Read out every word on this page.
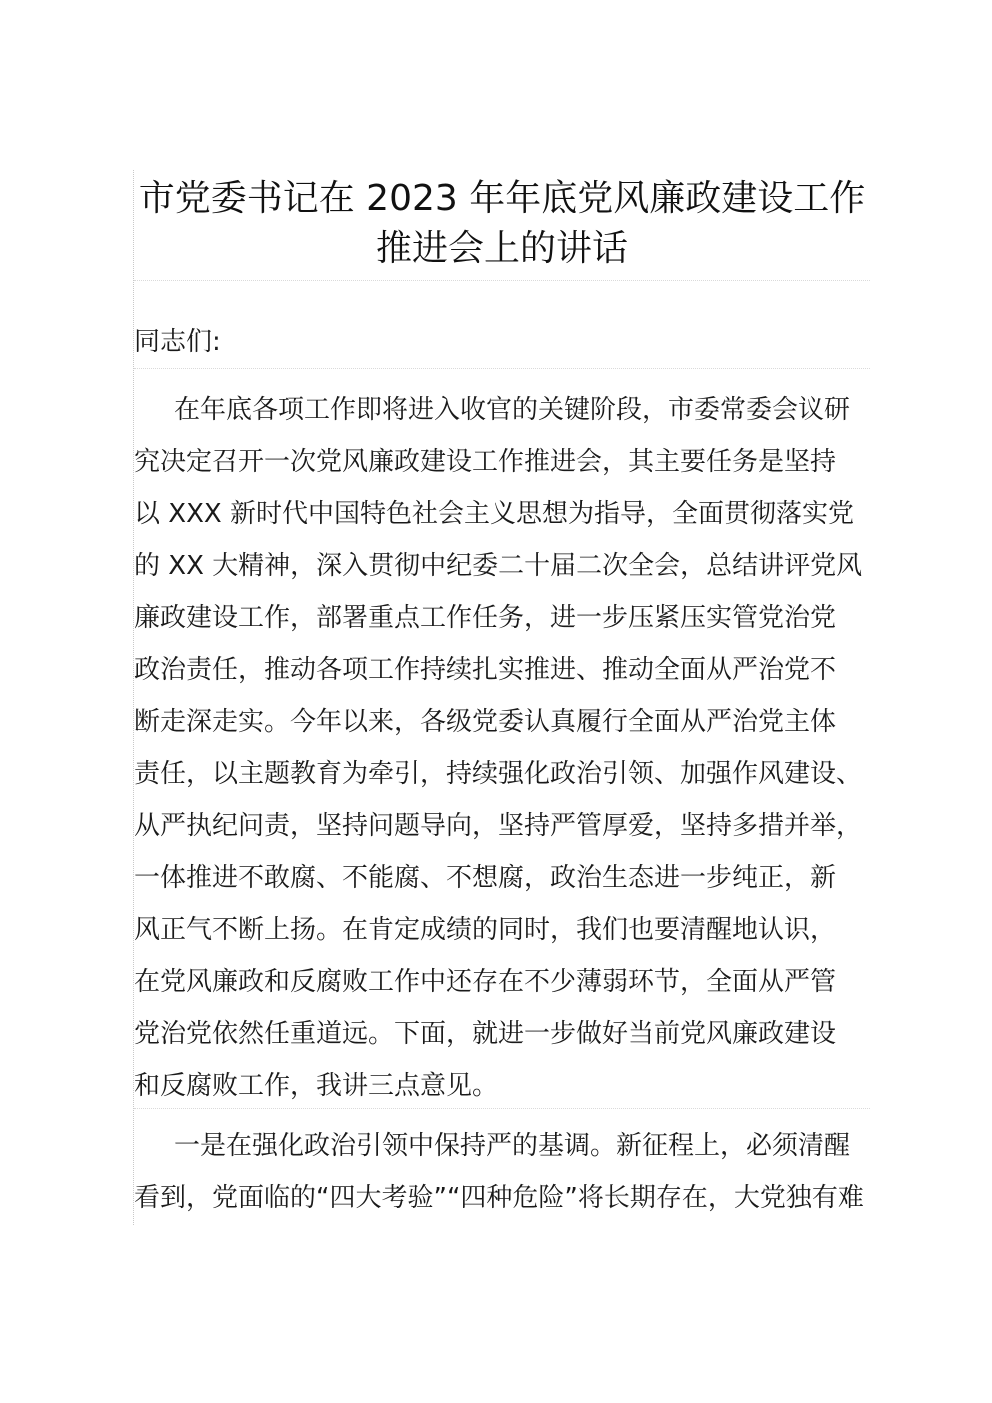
市党委书记在 2023 年年底党风廉政建设工作
推进会上的讲话
同志们:
在年底各项工作即将进入收官的关键阶段，市委常委会议研
究决定召开一次党风廉政建设工作推进会，其主要任务是坚持
以 XXX 新时代中国特色社会主义思想为指导，全面贯彻落实党
的 XX 大精神，深入贯彻中纪委二十届二次全会，总结讲评党风
廉政建设工作，部署重点工作任务，进一步压紧压实管党治党
政治责任，推动各项工作持续扎实推进、推动全面从严治党不
断走深走实。今年以来，各级党委认真履行全面从严治党主体
责任，以主题教育为牵引，持续强化政治引领、加强作风建设、
从严执纪问责，坚持问题导向，坚持严管厚爱，坚持多措并举，
一体推进不敢腐、不能腐、不想腐，政治生态进一步纯正，新
风正气不断上扬。在肯定成绩的同时，我们也要清醒地认识，
在党风廉政和反腐败工作中还存在不少薄弱环节，全面从严管
党治党依然任重道远。下面，就进一步做好当前党风廉政建设
和反腐败工作，我讲三点意见。
一是在强化政治引领中保持严的基调。新征程上，必须清醒
看到，党面临的“四大考验”“四种危险”将长期存在，大党独有难
